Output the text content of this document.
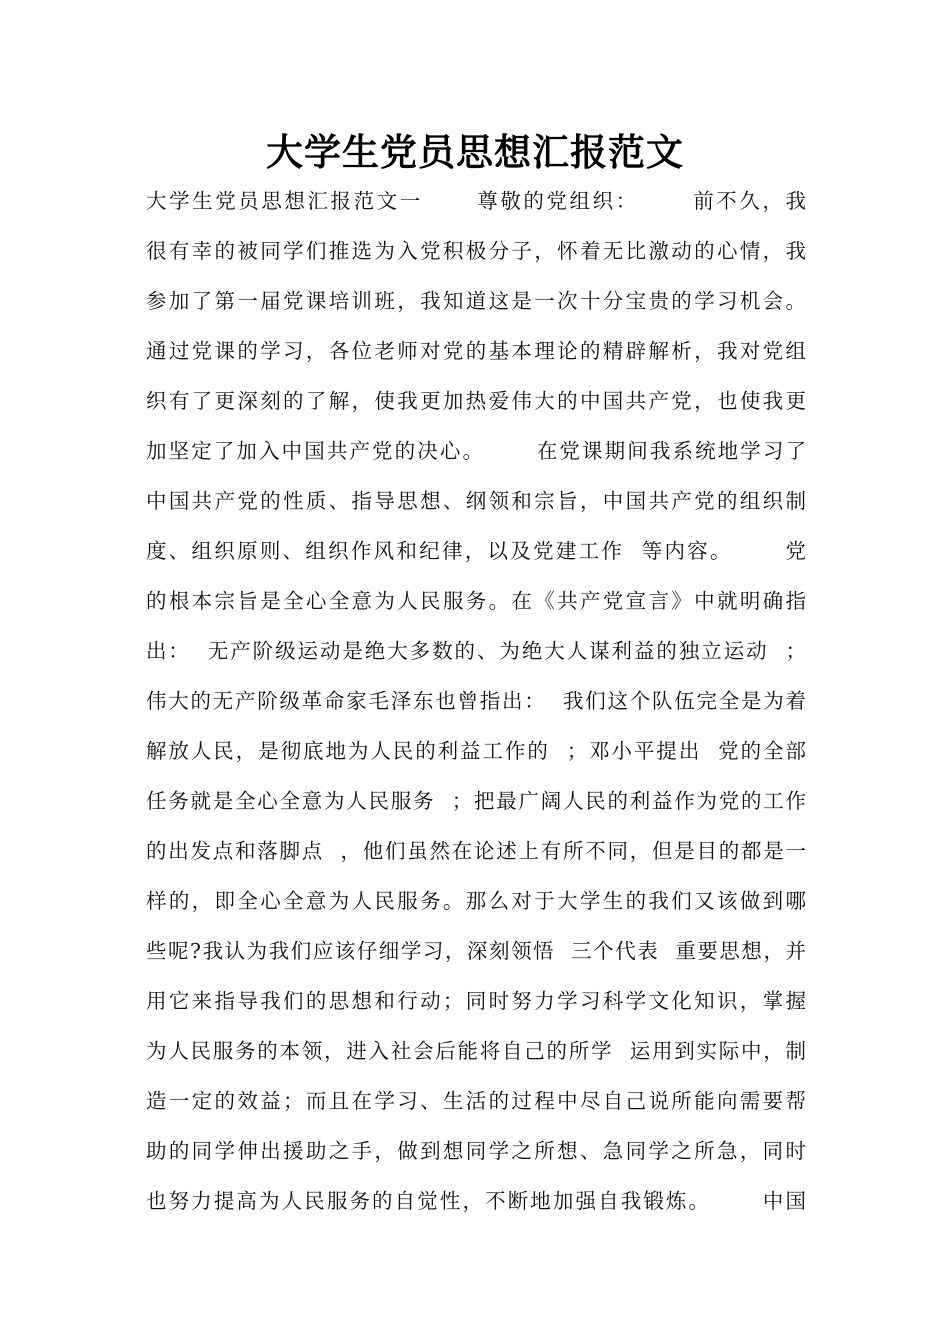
大学生党员思想汇报范文
大学生党员思想汇报范文一      尊敬的党组织：      前不久，我
很有幸的被同学们推选为入党积极分子，怀着无比激动的心情，我
参加了第一届党课培训班，我知道这是一次十分宝贵的学习机会。
通过党课的学习，各位老师对党的基本理论的精辟解析，我对党组
织有了更深刻的了解，使我更加热爱伟大的中国共产党，也使我更
加坚定了加入中国共产党的决心。      在党课期间我系统地学习了
中国共产党的性质、指导思想、纲领和宗旨，中国共产党的组织制
度、组织原则、组织作风和纪律，以及党建工作  等内容。      党
的根本宗旨是全心全意为人民服务。在《共产党宣言》中就明确指
出：  无产阶级运动是绝大多数的、为绝大人谋利益的独立运动  ；
伟大的无产阶级革命家毛泽东也曾指出：  我们这个队伍完全是为着
解放人民，是彻底地为人民的利益工作的  ；邓小平提出  党的全部
任务就是全心全意为人民服务  ；把最广阔人民的利益作为党的工作
的出发点和落脚点  ，他们虽然在论述上有所不同，但是目的都是一
样的，即全心全意为人民服务。那么对于大学生的我们又该做到哪
些呢?我认为我们应该仔细学习，深刻领悟  三个代表  重要思想，并
用它来指导我们的思想和行动；同时努力学习科学文化知识，掌握
为人民服务的本领，进入社会后能将自己的所学  运用到实际中，制
造一定的效益；而且在学习、生活的过程中尽自己说所能向需要帮
助的同学伸出援助之手，做到想同学之所想、急同学之所急，同时
也努力提高为人民服务的自觉性，不断地加强自我锻炼。      中国
